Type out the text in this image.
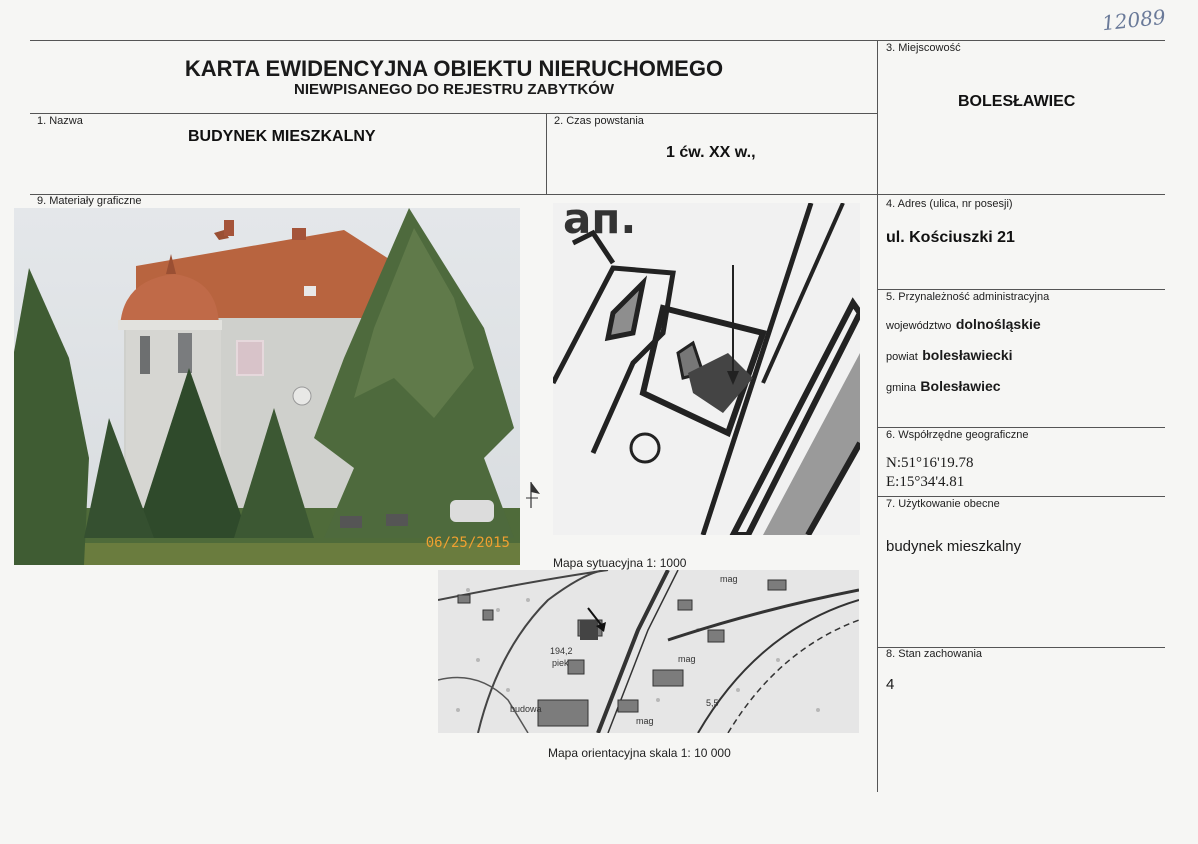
12089
KARTA EWIDENCYJNA OBIEKTU NIERUCHOMEGO
NIEWPISANEGO DO REJESTRU ZABYTKÓW
1. Nazwa
BUDYNEK MIESZKALNY
2. Czas powstania
1 ćw. XX w.,
3. Miejscowość
BOLESŁAWIEC
9. Materiały graficzne	4. Adres (ulica, nr posesji)
ul. Kościuszki 21
5. Przynależność administracyjna
województwo dolnośląskie
powiat bolesławiecki
gmina Bolesławiec
6. Współrzędne geograficzne
N:51°16'19.78
E:15°34'4.81
7. Użytkowanie obecne
budynek mieszkalny
8. Stan zachowania
4
06/25/2015
aп.
Mapa sytuacyjna 1: 1000
mag
mag
mag
194,2
piek
budowa
5,5
Mapa orientacyjna skala 1: 10 000
